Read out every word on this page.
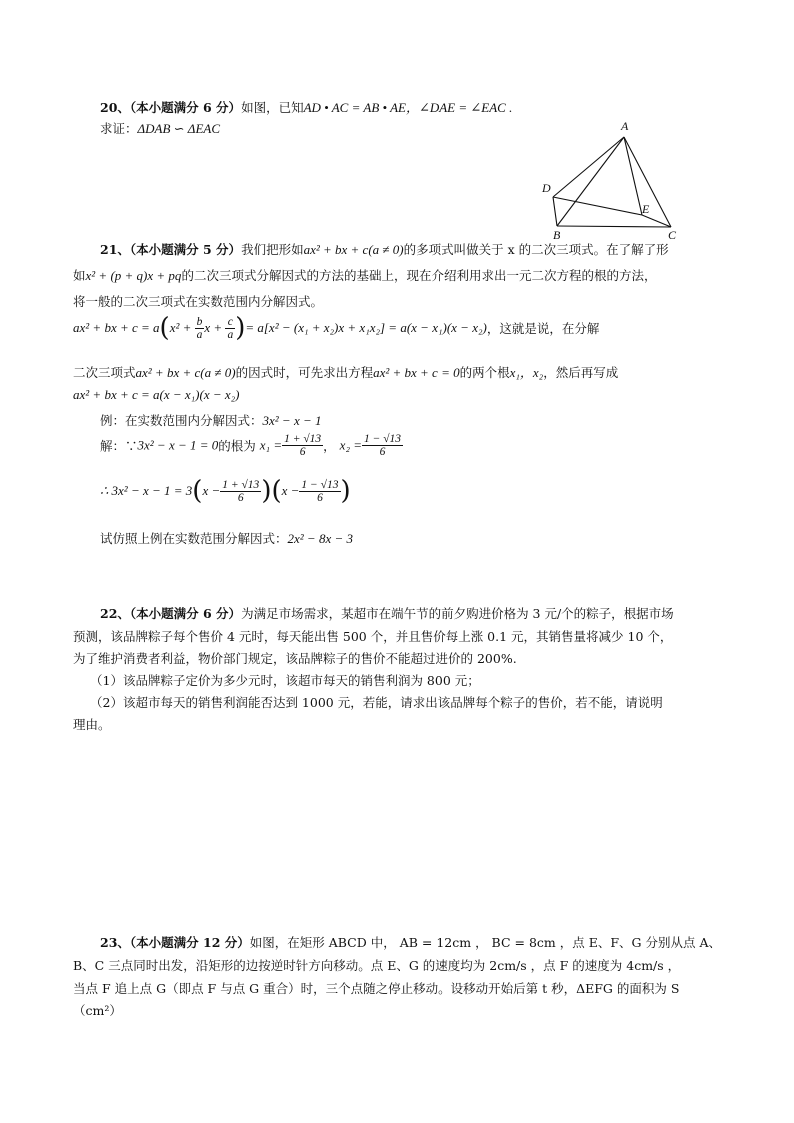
20、（本小题满分 6 分）如图，已知AD • AC = AB • AE，∠DAE = ∠EAC .
求证：ΔDAB ∽ ΔEAC	A
B	C
D
E
21、（本小题满分 5 分）我们把形如ax² + bx + c(a ≠ 0)的多项式叫做关于 x 的二次三项式。在了解了形
如x² + (p + q)x + pq的二次三项式分解因式的方法的基础上，现在介绍利用求出一元二次方程的根的方法，
将一般的二次三项式在实数范围内分解因式。
ax² + bx + $c = a(x^2 + \frac{b}{a}$ $x + \frac{c}{a}$ )= a[x² − (x₁ + x₂)x + x₁x₂] = a(x − x₁)(x − x₂)，这就是说，在分解
二次三项式ax² + bx + c(a ≠ 0)的因式时，可先求出方程ax² + bx + c = 0的两个根x₁，x₂，然后再写成
ax² + bx + c = a(x − x₁)(x − x₂)
例：在实数范围内分解因式：3x² − x − 1
解：∵3x² − x − 1 = 0的根为 $x_1 = \frac{1 + √13}{6}$ ， $x_2 = \frac{1 - √13}{6}$
∴ $3x^2 - x - 1 = 3(x - \frac{1 + √13}{6} )(x - \frac{1 - √13}{6}$ )
试仿照上例在实数范围分解因式：2x² − 8x − 3
22、（本小题满分 6 分）为满足市场需求，某超市在端午节的前夕购进价格为 3 元/个的粽子，根据市场
预测，该品牌粽子每个售价 4 元时，每天能出售 500 个，并且售价每上涨 0.1 元，其销售量将减少 10 个，
为了维护消费者利益，物价部门规定，该品牌粽子的售价不能超过进价的 200%.
（1）该品牌粽子定价为多少元时，该超市每天的销售利润为 800 元；
（2）该超市每天的销售利润能否达到 1000 元，若能，请求出该品牌每个粽子的售价，若不能，请说明
理由。
23、（本小题满分 12 分）如图，在矩形 ABCD 中， AB = 12cm ， BC = 8cm ，点 E、F、G 分别从点 A、
B、C 三点同时出发，沿矩形的边按逆时针方向移动。点 E、G 的速度均为 2cm/s ，点 F 的速度为 4cm/s ，
当点 F 追上点 G（即点 F 与点 G 重合）时，三个点随之停止移动。设移动开始后第 t 秒，ΔEFG 的面积为 S
（cm²）
